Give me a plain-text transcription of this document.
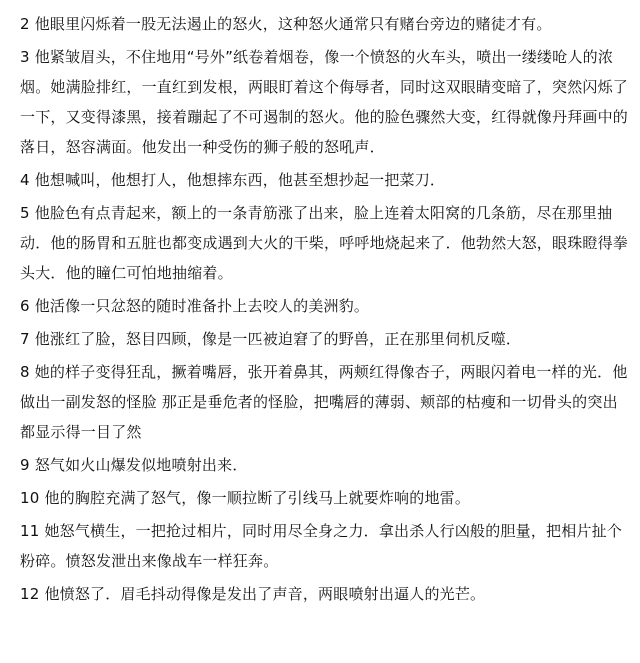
2 他眼里闪烁着一股无法遏止的怒火，这种怒火通常只有赌台旁边的赌徒才有。

3 他紧皱眉头，不住地用“号外”纸卷着烟卷，像一个愤怒的火车头，喷出一缕缕呛人的浓烟。她满脸排红，一直红到发根，两眼盯着这个侮辱者，同时这双眼睛变暗了，突然闪烁了一下，又变得漆黑，接着蹦起了不可遏制的怒火。他的脸色骤然大变，红得就像丹拜画中的落日，怒容满面。他发出一种受伤的狮子般的怒吼声．

4 他想喊叫，他想打人，他想摔东西，他甚至想抄起一把菜刀．

5 他脸色有点青起来，额上的一条青筋涨了出来，脸上连着太阳窝的几条筋，尽在那里抽动．他的肠胃和五脏也都变成遇到大火的干柴，呼呼地烧起来了．他勃然大怒，眼珠瞪得拳头大．他的瞳仁可怕地抽缩着。

6 他活像一只忿怒的随时准备扑上去咬人的美洲豹。

7 他涨红了脸，怒目四顾，像是一匹被迫窘了的野兽，正在那里伺机反噬．

8 她的样子变得狂乱，撅着嘴唇，张开着鼻其，两颊红得像杏子，两眼闪着电一样的光．他做出一副发怒的怪脸 那正是垂危者的怪脸，把嘴唇的薄弱、颊部的枯瘦和一切骨头的突出都显示得一目了然

9 怒气如火山爆发似地喷射出来．

10 他的胸腔充满了怒气，像一顺拉断了引线马上就要炸响的地雷。

11 她怒气横生，一把抢过相片，同时用尽全身之力．拿出杀人行凶般的胆量，把相片扯个粉碎。愤怒发泄出来像战车一样狂奔。

12 他愤怒了．眉毛抖动得像是发出了声音，两眼喷射出逼人的光芒。
